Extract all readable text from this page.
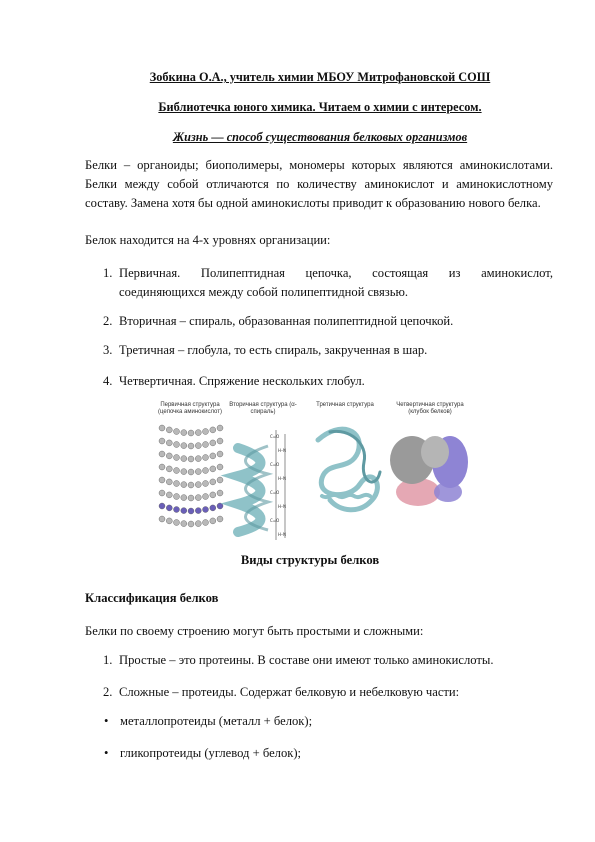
Зобкина О.А., учитель химии МБОУ Митрофановской СОШ
Библиотечка юного химика. Читаем о химии с интересом.
Жизнь — способ существования белковых организмов

Белки – органоиды; биополимеры, мономеры которых являются аминокислотами. Белки между собой отличаются по количеству аминокислот и аминокислотному составу. Замена хотя бы одной аминокислоты приводит к образованию нового белка.

Белок находится на 4-х уровнях организации:

1. Первичная. Полипептидная цепочка, состоящая из аминокислот, соединяющихся между собой полипептидной связью.
2. Вторичная – спираль, образованная полипептидной цепочкой.
3. Третичная – глобула, то есть спираль, закрученная в шар.
4. Четвертичная. Спряжение нескольких глобул.
Первичная структура (цепочка аминокислот)
Вторичная структура (α-спираль)
Третичная структура	Четвертичная структура (клубок белков)
C=O
H–N
C=O
H–N
C=O
H–N
C=O
H–N
Виды структуры белков
Классификация белков

Белки по своему строению могут быть простыми и сложными:

1. Простые – это протеины. В составе они имеют только аминокислоты.
2. Сложные – протеиды. Содержат белковую и небелковую части:
• металлопротеиды (металл + белок);
• гликопротеиды (углевод + белок);
